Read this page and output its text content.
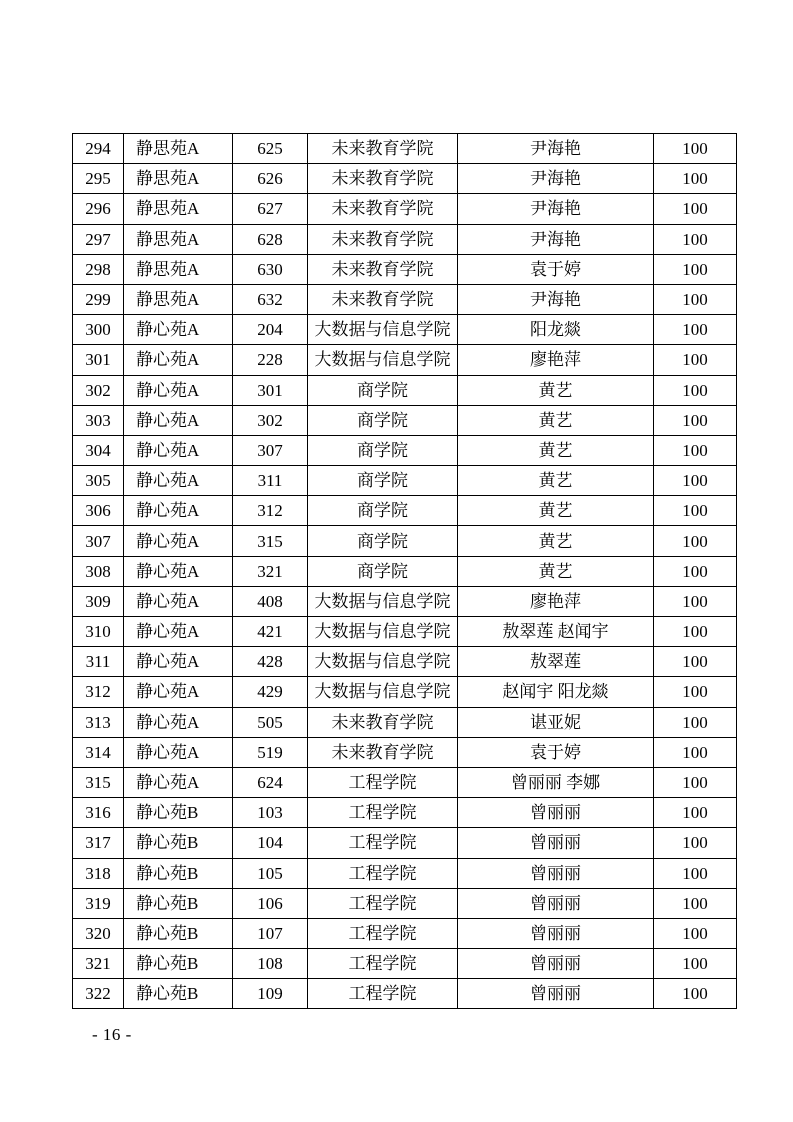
294	静思苑A	625	未来教育学院	尹海艳	100
295	静思苑A	626	未来教育学院	尹海艳	100
296	静思苑A	627	未来教育学院	尹海艳	100
297	静思苑A	628	未来教育学院	尹海艳	100
298	静思苑A	630	未来教育学院	袁于婷	100
299	静思苑A	632	未来教育学院	尹海艳	100
300	静心苑A	204	大数据与信息学院	阳龙燚	100
301	静心苑A	228	大数据与信息学院	廖艳萍	100
302	静心苑A	301	商学院	黄艺	100
303	静心苑A	302	商学院	黄艺	100
304	静心苑A	307	商学院	黄艺	100
305	静心苑A	311	商学院	黄艺	100
306	静心苑A	312	商学院	黄艺	100
307	静心苑A	315	商学院	黄艺	100
308	静心苑A	321	商学院	黄艺	100
309	静心苑A	408	大数据与信息学院	廖艳萍	100
310	静心苑A	421	大数据与信息学院	敖翠莲 赵闻宇	100
311	静心苑A	428	大数据与信息学院	敖翠莲	100
312	静心苑A	429	大数据与信息学院	赵闻宇 阳龙燚	100
313	静心苑A	505	未来教育学院	谌亚妮	100
314	静心苑A	519	未来教育学院	袁于婷	100
315	静心苑A	624	工程学院	曾丽丽 李娜	100
316	静心苑B	103	工程学院	曾丽丽	100
317	静心苑B	104	工程学院	曾丽丽	100
318	静心苑B	105	工程学院	曾丽丽	100
319	静心苑B	106	工程学院	曾丽丽	100
320	静心苑B	107	工程学院	曾丽丽	100
321	静心苑B	108	工程学院	曾丽丽	100
322	静心苑B	109	工程学院	曾丽丽	100
- 16 -
